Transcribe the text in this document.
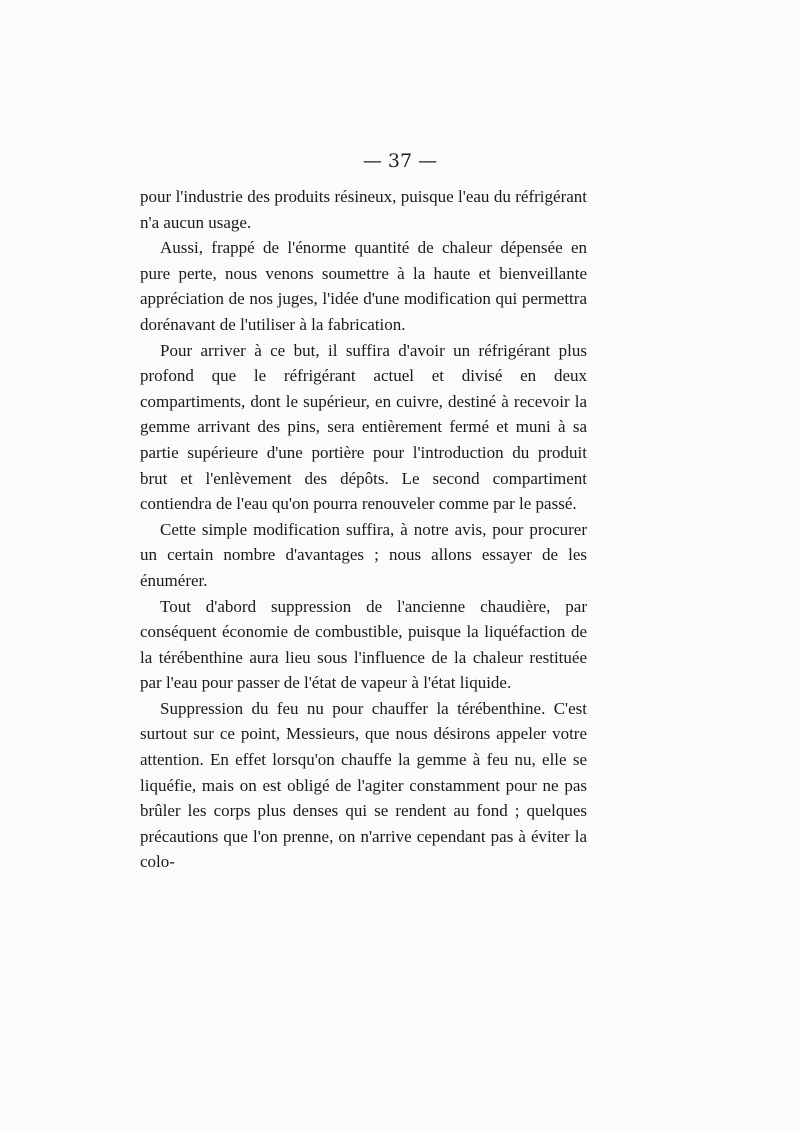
— 37 —

pour l'industrie des produits résineux, puisque l'eau du réfrigérant n'a aucun usage.

Aussi, frappé de l'énorme quantité de chaleur dépensée en pure perte, nous venons soumettre à la haute et bienveillante appréciation de nos juges, l'idée d'une modification qui permettra dorénavant de l'utiliser à la fabrication.

Pour arriver à ce but, il suffira d'avoir un réfrigérant plus profond que le réfrigérant actuel et divisé en deux compartiments, dont le supérieur, en cuivre, destiné à recevoir la gemme arrivant des pins, sera entièrement fermé et muni à sa partie supérieure d'une portière pour l'introduction du produit brut et l'enlèvement des dépôts. Le second compartiment contiendra de l'eau qu'on pourra renouveler comme par le passé.

Cette simple modification suffira, à notre avis, pour procurer un certain nombre d'avantages ; nous allons essayer de les énumérer.

Tout d'abord suppression de l'ancienne chaudière, par conséquent économie de combustible, puisque la liquéfaction de la térébenthine aura lieu sous l'influence de la chaleur restituée par l'eau pour passer de l'état de vapeur à l'état liquide.

Suppression du feu nu pour chauffer la térébenthine. C'est surtout sur ce point, Messieurs, que nous désirons appeler votre attention. En effet lorsqu'on chauffe la gemme à feu nu, elle se liquéfie, mais on est obligé de l'agiter constamment pour ne pas brûler les corps plus denses qui se rendent au fond ; quelques précautions que l'on prenne, on n'arrive cependant pas à éviter la colo-
